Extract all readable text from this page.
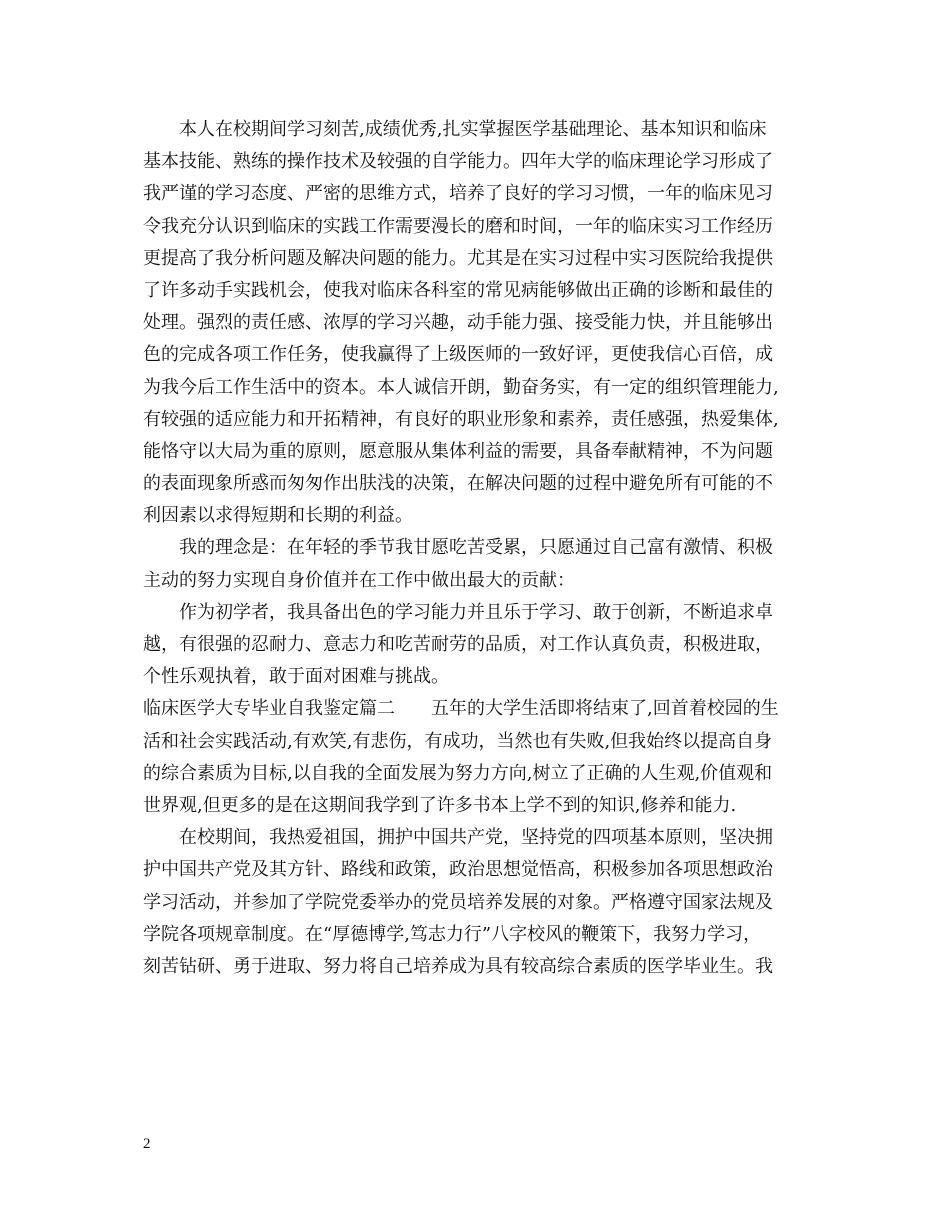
　　本人在校期间学习刻苦,成绩优秀,扎实掌握医学基础理论、基本知识和临床
基本技能、熟练的操作技术及较强的自学能力。四年大学的临床理论学习形成了
我严谨的学习态度、严密的思维方式，培养了良好的学习习惯，一年的临床见习
令我充分认识到临床的实践工作需要漫长的磨和时间，一年的临床实习工作经历
更提高了我分析问题及解决问题的能力。尤其是在实习过程中实习医院给我提供
了许多动手实践机会，使我对临床各科室的常见病能够做出正确的诊断和最佳的
处理。强烈的责任感、浓厚的学习兴趣，动手能力强、接受能力快，并且能够出
色的完成各项工作任务，使我赢得了上级医师的一致好评，更使我信心百倍，成
为我今后工作生活中的资本。本人诚信开朗，勤奋务实，有一定的组织管理能力,
有较强的适应能力和开拓精神，有良好的职业形象和素养，责任感强，热爱集体,
能恪守以大局为重的原则，愿意服从集体利益的需要，具备奉献精神，不为问题
的表面现象所惑而匆匆作出肤浅的决策，在解决问题的过程中避免所有可能的不
利因素以求得短期和长期的利益。
　　我的理念是：在年轻的季节我甘愿吃苦受累，只愿通过自己富有激情、积极
主动的努力实现自身价值并在工作中做出最大的贡献：
　　作为初学者，我具备出色的学习能力并且乐于学习、敢于创新，不断追求卓
越，有很强的忍耐力、意志力和吃苦耐劳的品质，对工作认真负责，积极进取，
个性乐观执着，敢于面对困难与挑战。
临床医学大专毕业自我鉴定篇二　　五年的大学生活即将结束了,回首着校园的生
活和社会实践活动,有欢笑,有悲伤，有成功，当然也有失败,但我始终以提高自身
的综合素质为目标,以自我的全面发展为努力方向,树立了正确的人生观,价值观和
世界观,但更多的是在这期间我学到了许多书本上学不到的知识,修养和能力.
　　在校期间，我热爱祖国，拥护中国共产党，坚持党的四项基本原则，坚决拥
护中国共产党及其方针、路线和政策，政治思想觉悟高，积极参加各项思想政治
学习活动，并参加了学院党委举办的党员培养发展的对象。严格遵守国家法规及
学院各项规章制度。在“厚德博学,笃志力行”八字校风的鞭策下，我努力学习，
刻苦钻研、勇于进取、努力将自己培养成为具有较高综合素质的医学毕业生。我
2
